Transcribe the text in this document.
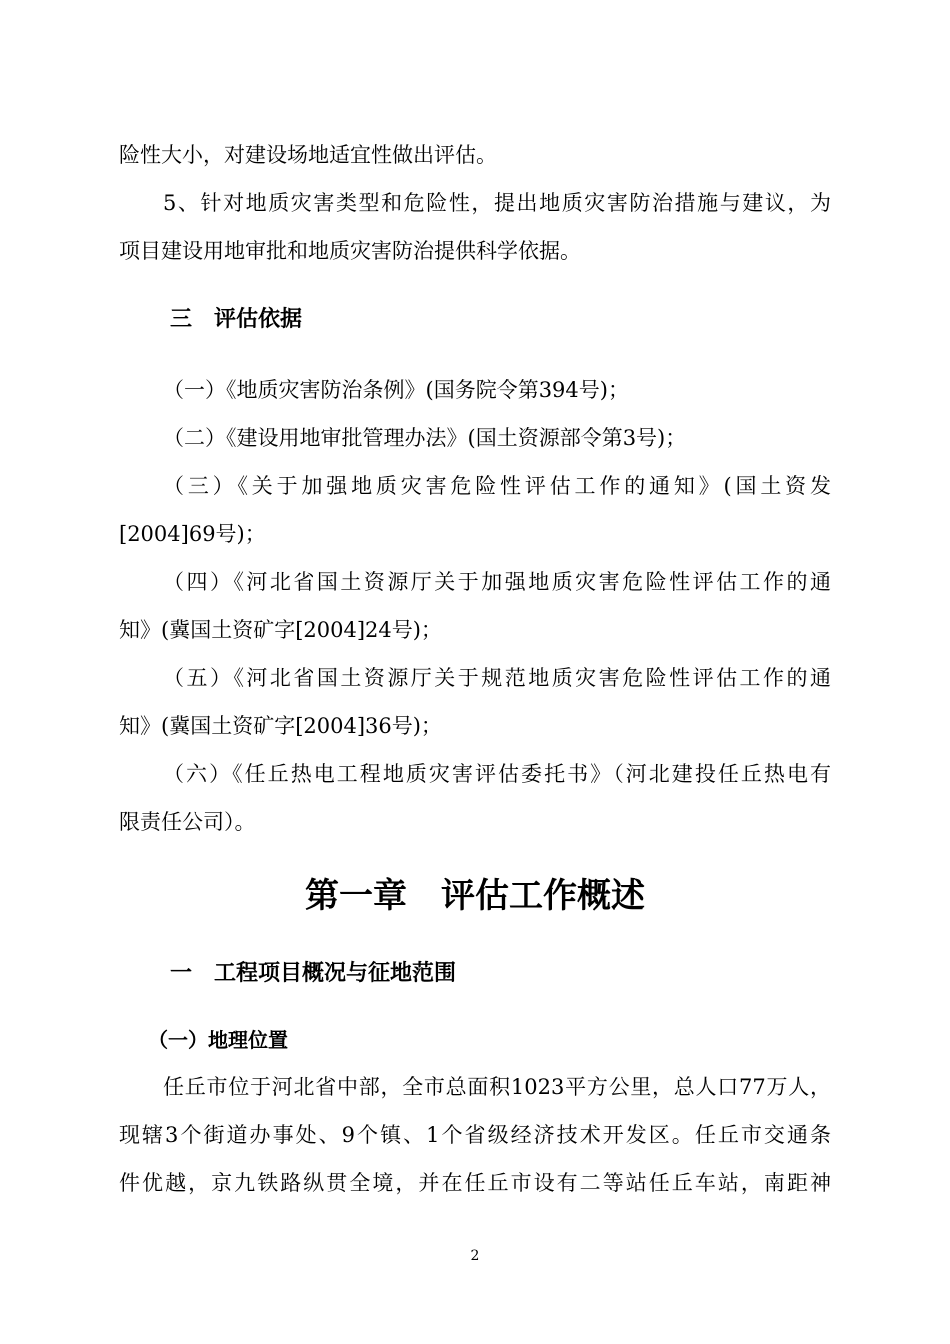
险性大小，对建设场地适宜性做出评估。
5、针对地质灾害类型和危险性，提出地质灾害防治措施与建议，为
项目建设用地审批和地质灾害防治提供科学依据。
三　评估依据
（一）《地质灾害防治条例》(国务院令第394号)；
（二）《建设用地审批管理办法》(国土资源部令第3号)；
（三）《关于加强地质灾害危险性评估工作的通知》(国土资发
[2004]69号)；
（四）《河北省国土资源厅关于加强地质灾害危险性评估工作的通
知》(冀国土资矿字[2004]24号)；
（五）《河北省国土资源厅关于规范地质灾害危险性评估工作的通
知》(冀国土资矿字[2004]36号)；
（六）《任丘热电工程地质灾害评估委托书》（河北建投任丘热电有
限责任公司）。
第一章　评估工作概述
一　工程项目概况与征地范围
（一）地理位置
任丘市位于河北省中部，全市总面积1023平方公里，总人口77万人，
现辖3个街道办事处、9个镇、1个省级经济技术开发区。任丘市交通条
件优越，京九铁路纵贯全境，并在任丘市设有二等站任丘车站，南距神
2
